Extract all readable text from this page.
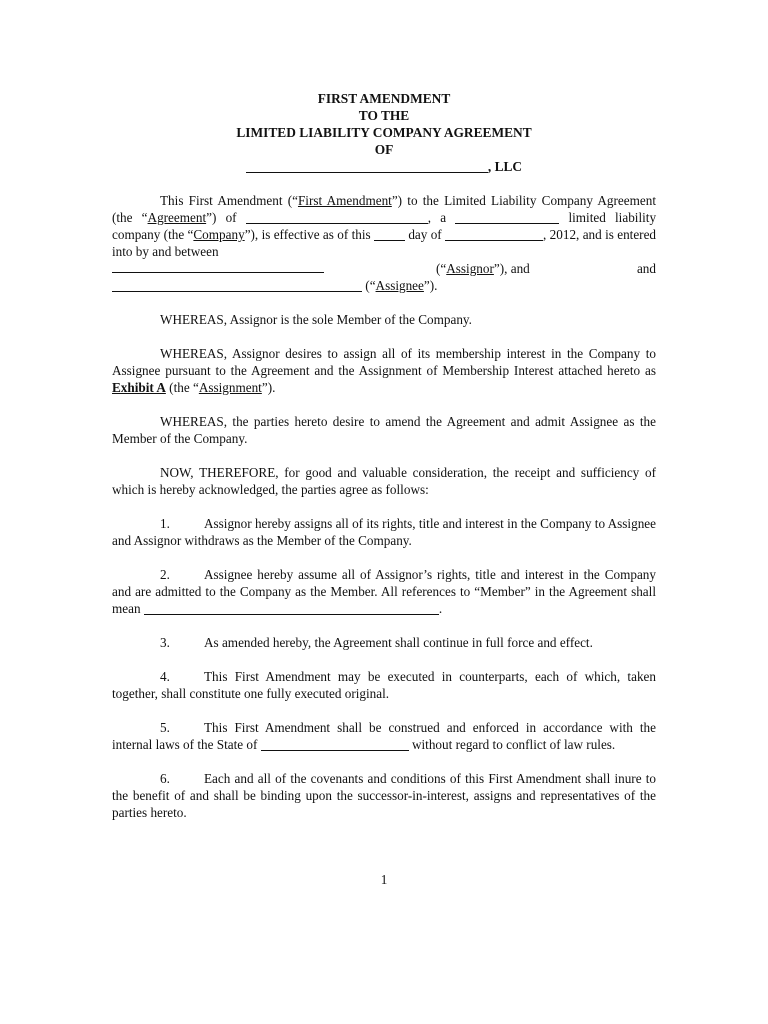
FIRST AMENDMENT
TO THE
LIMITED LIABILITY COMPANY AGREEMENT
OF
, LLC

This First Amendment (“First Amendment”) to the Limited Liability Company Agreement (the “Agreement”) of	, a	limited liability company (the “Company”), is effective as of this	day of	, 2012, and is entered into by and between

(“Assignor”), and	and
(“Assignee”).

WHEREAS, Assignor is the sole Member of the Company.

WHEREAS, Assignor desires to assign all of its membership interest in the Company to Assignee pursuant to the Agreement and the Assignment of Membership Interest attached hereto as Exhibit A (the “Assignment”).

WHEREAS, the parties hereto desire to amend the Agreement and admit Assignee as the Member of the Company.

NOW, THEREFORE, for good and valuable consideration, the receipt and sufficiency of which is hereby acknowledged, the parties agree as follows:

1.	Assignor hereby assigns all of its rights, title and interest in the Company to Assignee and Assignor withdraws as the Member of the Company.

2.	Assignee hereby assume all of Assignor’s rights, title and interest in the Company and are admitted to the Company as the Member. All references to “Member” in the Agreement shall mean	.

3.	As amended hereby, the Agreement shall continue in full force and effect.

4.	This First Amendment may be executed in counterparts, each of which, taken together, shall constitute one fully executed original.

5.	This First Amendment shall be construed and enforced in accordance with the internal laws of the State of	without regard to conflict of law rules.

6.	Each and all of the covenants and conditions of this First Amendment shall inure to the benefit of and shall be binding upon the successor-in-interest, assigns and representatives of the parties hereto.

1
